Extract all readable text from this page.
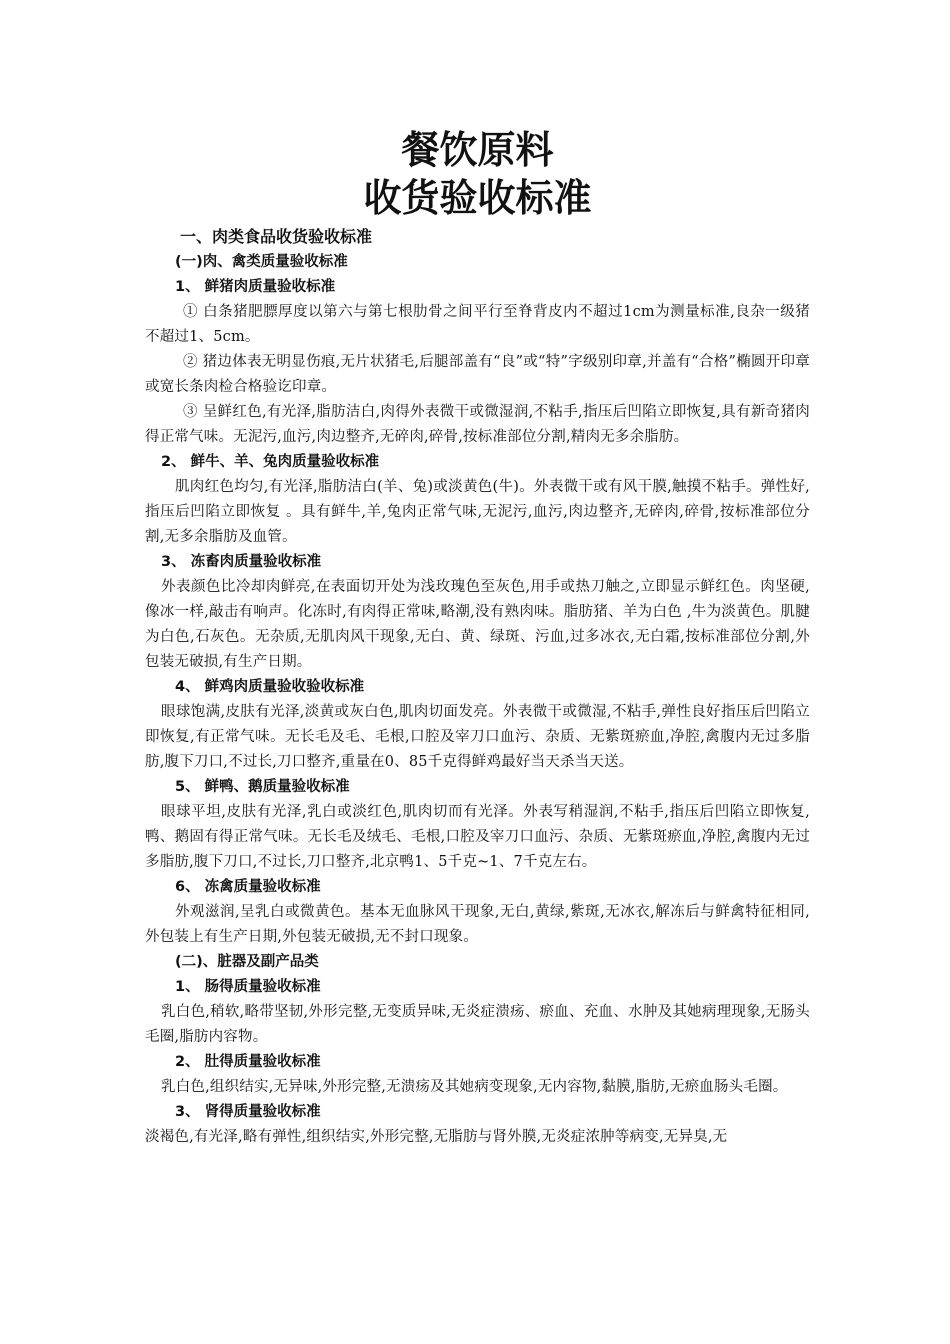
餐饮原料
收货验收标准
一、肉类食品收货验收标准
(一)肉、禽类质量验收标准
1、 鲜猪肉质量验收标准

① 白条猪肥膘厚度以第六与第七根肋骨之间平行至脊背皮内不超过1cm为测量标准,良杂一级猪不超过1、5cm。

② 猪边体表无明显伤痕,无片状猪毛,后腿部盖有“良”或“特”字级别印章,并盖有“合格”椭圆开印章或宽长条肉检合格验讫印章。

③ 呈鲜红色,有光泽,脂肪洁白,肉得外表微干或微湿润,不粘手,指压后凹陷立即恢复,具有新奇猪肉得正常气味。无泥污,血污,肉边整齐,无碎肉,碎骨,按标准部位分割,精肉无多余脂肪。

2、 鲜牛、羊、兔肉质量验收标准

肌肉红色均匀,有光泽,脂肪洁白(羊、兔)或淡黄色(牛)。外表微干或有风干膜,触摸不粘手。弹性好,指压后凹陷立即恢复 。具有鲜牛,羊,兔肉正常气味,无泥污,血污,肉边整齐,无碎肉,碎骨,按标准部位分割,无多余脂肪及血管。

3、 冻畜肉质量验收标准

外表颜色比冷却肉鲜亮,在表面切开处为浅玫瑰色至灰色,用手或热刀触之,立即显示鲜红色。肉坚硬,像冰一样,敲击有响声。化冻时,有肉得正常味,略潮,没有熟肉味。脂肪猪、羊为白色 ,牛为淡黄色。肌腱为白色,石灰色。无杂质,无肌肉风干现象,无白、黄、绿斑、污血,过多冰衣,无白霜,按标准部位分割,外包装无破损,有生产日期。

4、 鲜鸡肉质量验收验收标准

眼球饱满,皮肤有光泽,淡黄或灰白色,肌肉切面发亮。外表微干或微湿,不粘手,弹性良好指压后凹陷立即恢复,有正常气味。无长毛及毛、毛根,口腔及宰刀口血污、杂质、无紫斑瘀血,净腔,禽腹内无过多脂肪,腹下刀口,不过长,刀口整齐,重量在0、85千克得鲜鸡最好当天杀当天送。

5、 鲜鸭、鹅质量验收标准

眼球平坦,皮肤有光泽,乳白或淡红色,肌肉切而有光泽。外表写稍湿润,不粘手,指压后凹陷立即恢复,鸭、鹅固有得正常气味。无长毛及绒毛、毛根,口腔及宰刀口血污、杂质、无紫斑瘀血,净腔,禽腹内无过多脂肪,腹下刀口,不过长,刀口整齐,北京鸭1、5千克~1、7千克左右。

6、 冻禽质量验收标准

外观滋润,呈乳白或微黄色。基本无血脉风干现象,无白,黄绿,紫斑,无冰衣,解冻后与鲜禽特征相同,外包装上有生产日期,外包装无破损,无不封口现象。

(二)、脏器及副产品类
1、 肠得质量验收标准

乳白色,稍软,略带坚韧,外形完整,无变质异味,无炎症溃疡、瘀血、充血、水肿及其她病理现象,无肠头毛圈,脂肪内容物。

2、 肚得质量验收标准

乳白色,组织结实,无异味,外形完整,无溃疡及其她病变现象,无内容物,黏膜,脂肪,无瘀血肠头毛圈。

3、 肾得质量验收标准

淡褐色,有光泽,略有弹性,组织结实,外形完整,无脂肪与肾外膜,无炎症浓肿等病变,无异臭,无
